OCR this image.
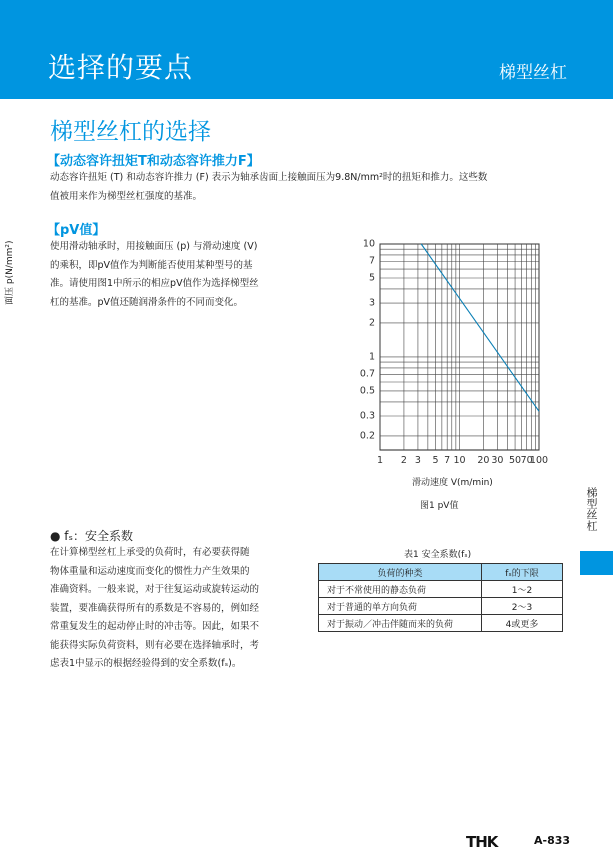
选择的要点	梯型丝杠
梯型丝杠的选择
【动态容许扭矩T和动态容许推力F】
动态容许扭矩 (T) 和动态容许推力 (F) 表示为轴承齿面上接触面压为9.8N/mm²时的扭矩和推力。这些数
值被用来作为梯型丝杠强度的基准。
【pV值】
使用滑动轴承时，用接触面压 (p) 与滑动速度 (V)
的乘积，即pV值作为判断能否使用某种型号的基
准。请使用图1中所示的相应pV值作为选择梯型丝
杠的基准。pV值还随润滑条件的不同而变化。
10
7
5
3
2
1
0.7
0.5
0.3
0.2
1 2 3 5 7 10 20 30 50 70
100
面压 p(N/mm²)
滑动速度 V(m/min)
图1 pV值	梯型丝杠
● fₛ：安全系数
在计算梯型丝杠上承受的负荷时，有必要获得随
物体重量和运动速度而变化的惯性力产生效果的
准确资料。一般来说，对于往复运动或旋转运动的
装置，要准确获得所有的系数是不容易的，例如经
常重复发生的起动停止时的冲击等。因此，如果不
能获得实际负荷资料，则有必要在选择轴承时，考
虑表1中显示的根据经验得到的安全系数(fₛ)。
表1 安全系数(fₛ)
负荷的种类	fₛ的下限
对于不常使用的静态负荷	1～2
对于普通的单方向负荷	2～3
对于振动／冲击伴随而来的负荷	4或更多
THK	A-833
